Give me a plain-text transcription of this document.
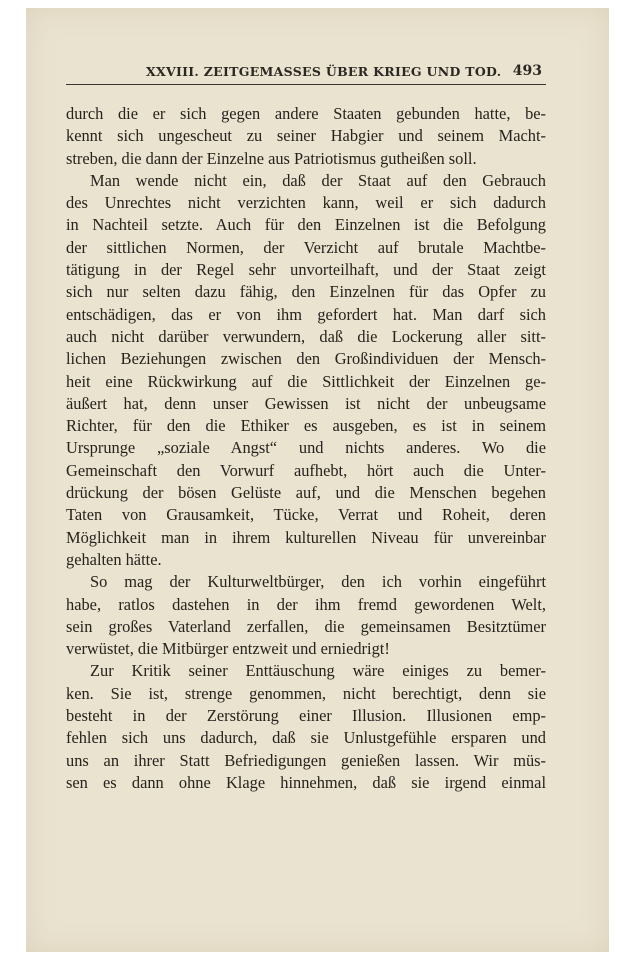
XXVIII. ZEITGEMASSES ÜBER KRIEG UND TOD. 493
durch die er sich gegen andere Staaten gebunden hatte, be-
kennt sich ungescheut zu seiner Habgier und seinem Macht-
streben, die dann der Einzelne aus Patriotismus gutheißen soll.
Man wende nicht ein, daß der Staat auf den Gebrauch
des Unrechtes nicht verzichten kann, weil er sich dadurch
in Nachteil setzte. Auch für den Einzelnen ist die Befolgung
der sittlichen Normen, der Verzicht auf brutale Machtbe-
tätigung in der Regel sehr unvorteilhaft, und der Staat zeigt
sich nur selten dazu fähig, den Einzelnen für das Opfer zu
entschädigen, das er von ihm gefordert hat. Man darf sich
auch nicht darüber verwundern, daß die Lockerung aller sitt-
lichen Beziehungen zwischen den Großindividuen der Mensch-
heit eine Rückwirkung auf die Sittlichkeit der Einzelnen ge-
äußert hat, denn unser Gewissen ist nicht der unbeugsame
Richter, für den die Ethiker es ausgeben, es ist in seinem
Ursprunge „soziale Angst“ und nichts anderes. Wo die
Gemeinschaft den Vorwurf aufhebt, hört auch die Unter-
drückung der bösen Gelüste auf, und die Menschen begehen
Taten von Grausamkeit, Tücke, Verrat und Roheit, deren
Möglichkeit man in ihrem kulturellen Niveau für unvereinbar
gehalten hätte.
So mag der Kulturweltbürger, den ich vorhin eingeführt
habe, ratlos dastehen in der ihm fremd gewordenen Welt,
sein großes Vaterland zerfallen, die gemeinsamen Besitztümer
verwüstet, die Mitbürger entzweit und erniedrigt!
Zur Kritik seiner Enttäuschung wäre einiges zu bemer-
ken. Sie ist, strenge genommen, nicht berechtigt, denn sie
besteht in der Zerstörung einer Illusion. Illusionen emp-
fehlen sich uns dadurch, daß sie Unlustgefühle ersparen und
uns an ihrer Statt Befriedigungen genießen lassen. Wir müs-
sen es dann ohne Klage hinnehmen, daß sie irgend einmal
